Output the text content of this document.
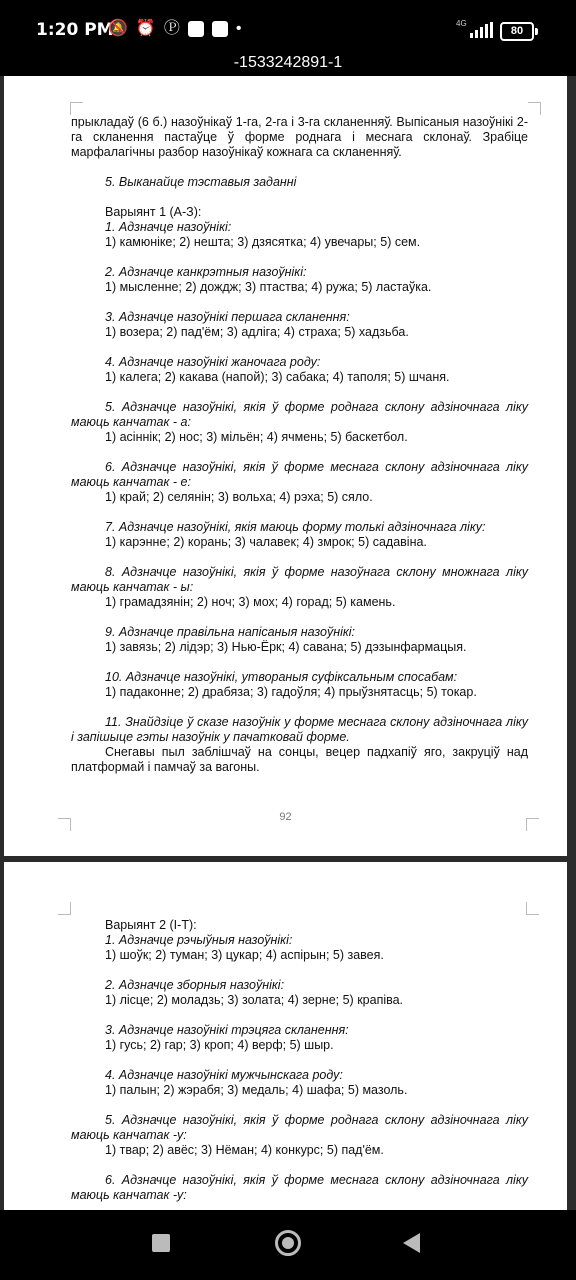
1:20 PM
🔕 ⏰ Ⓟ	•	4G
80
-1533242891-1

прыкладаў (6 б.) назоўнікаў 1-га, 2-га і 3-га скланенняў. Выпісаныя назоўнікі 2-га скланення пастаўце ў форме роднага і меснага склонаў. Зрабіце марфалагічны разбор назоўнікаў кожнага са скланенняў.

5. Выканайце тэставыя заданні

Варыянт 1 (А-З):

1. Адзначце назоўнікі:

1) камюнікe; 2) нешта; 3) дзясятка; 4) увечары; 5) сем.

2. Адзначце канкрэтныя назоўнікі:

1) мысленне; 2) дождж; 3) птаства; 4) ружа; 5) ластаўка.

3. Адзначце назоўнікі першага скланення:

1) возера; 2) пад'ём; 3) адліга; 4) страха; 5) хадзьба.

4. Адзначце назоўнікі жаночага роду:

1) калега; 2) какава (напой); 3) сабака; 4) таполя; 5) шчаня.

5. Адзначце назоўнікі, якія ў форме роднага склону адзіночнага ліку маюць канчатак - а:

1) асіннік; 2) нос; 3) мільён; 4) ячмень; 5) баскетбол.

6. Адзначце назоўнікі, якія ў форме меснага склону адзіночнага ліку маюць канчатак - е:

1) край; 2) селянін; 3) вольха; 4) рэха; 5) сяло.

7. Адзначце назоўнікі, якія маюць форму толькі адзіночнага ліку:

1) карэнне; 2) корань; 3) чалавек; 4) змрок; 5) садавіна.

8. Адзначце назоўнікі, якія ў форме назоўнага склону множнага ліку маюць канчатак - ы:

1) грамадзянін; 2) ноч; 3) мох; 4) горад; 5) камень.

9. Адзначце правільна напісаныя назоўнікі:

1) завязь; 2) лідэр; 3) Нью-Ёрк; 4) савана; 5) дэзынфармацыя.

10. Адзначце назоўнікі, утвораныя суфіксальным спосабам:

1) падаконне; 2) драбяза; 3) гадоўля; 4) прыўзнятасць; 5) токар.

11. Знайдзіце ў сказе назоўнік у форме меснага склону адзіночнага ліку і запішыце гэты назоўнік у пачатковай форме.

Снегавы пыл заблішчаў на сонцы, вецер падхапіў яго, закруціў над платформай і памчаў за вагоны.

92

Варыянт 2 (І-Т):

1. Адзначце рэчыўныя назоўнікі:

1) шоўк; 2) туман; 3) цукар; 4) аспірын; 5) завея.

2. Адзначце зборныя назоўнікі:

1) лісце; 2) моладзь; 3) золата; 4) зерне; 5) крапіва.

3. Адзначце назоўнікі трэцяга скланення:

1) гусь; 2) гар; 3) кроп; 4) верф; 5) шыр.

4. Адзначце назоўнікі мужчынскага роду:

1) палын; 2) жэрабя; 3) медаль; 4) шафа; 5) мазоль.

5. Адзначце назоўнікі, якія ў форме роднага склону адзіночнага ліку маюць канчатак -у:

1) твар; 2) авёс; 3) Нёман; 4) конкурс; 5) пад'ём.

6. Адзначце назоўнікі, якія ў форме меснага склону адзіночнага ліку маюць канчатак -у:
